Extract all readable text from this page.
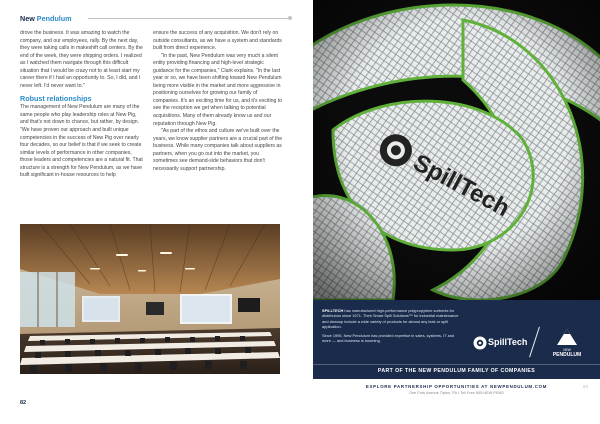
New Pendulum

drove the business. It was amazing to watch the company, and our employees, rally. By the next day, they were taking calls in makeshift call centers. By the end of the week, they were shipping orders. I realized as I watched them navigate through this difficult situation that I would be crazy not to at least start my career there if I had an opportunity to. So, I did, and I never left. I'd never want to."

Robust relationships

The management of New Pendulum are many of the same people who play leadership roles at New Pig, and that's not down to chance, but rather, by design. "We have proven our approach and built unique competencies in the success of New Pig over nearly four decades, so our belief is that if we seek to create similar levels of performance in other companies, those leaders and competencies are a natural fit. That structure is a strength for New Pendulum, as we have built significant in-house resources to help

ensure the success of any acquisition. We don't rely on outside consultants, as we have a system and standards built from direct experience.

"In the past, New Pendulum was very much a silent entity providing financing and high-level strategic guidance for the companies," Clark explains. "In the last year or so, we have been shifting toward New Pendulum being more visible in the market and more aggressive in positioning ourselves for growing our family of companies. It's an exciting time for us, and it's exciting to see the reception we get when talking to potential acquisitions. Many of them already know us and our reputation through New Pig.

"As part of the ethos and culture we've built over the years, we know supplier partners are a crucial part of the business. While many companies talk about suppliers as partners, when you go out into the market, you sometimes see demand-side behaviors that don't necessarily support partnership.

82

SPILLTECH has manufactured high-performance polypropylene sorbents for distributors since 1971. Their Smart Spill Solutions™ for industrial maintenance and cleanup include a wide variety of products for almost any leak or spill application.

Since 1995, New Pendulum has provided expertise in sales, systems, IT and more — and business is booming.	SpillTech
NEW
PENDULUM
PART OF THE NEW PENDULUM FAMILY OF COMPANIES
EXPLORE PARTNERSHIP OPPORTUNITIES AT NEWPENDULUM.COM
One Pork Avenue Tipton, PA • Toll Free 855-NEW-PEND
83
